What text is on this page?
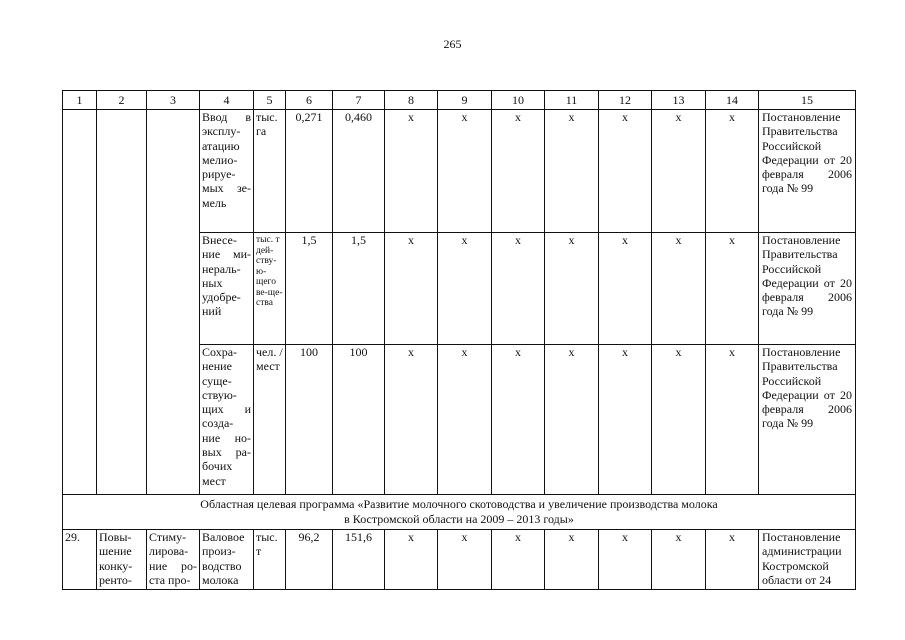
265
1	2	3	4	5	6	7	8	9	10	11	12	13	14	15
			Ввод в эксплу-атацию мелио-рируе-мых зе-мель	тыс. га	0,271	0,460	х	х	х	х	х	х	х	Постановление Правительства Российской Федерации от 20 февраля 2006 года № 99
			Внесе-ние ми-нераль-ных удобре-ний	тыс. т дей-ству-ю-щего ве-ще-ства	1,5	1,5	х	х	х	х	х	х	х	Постановление Правительства Российской Федерации от 20 февраля 2006 года № 99
			Сохра-нение суще-ствую-щих и созда-ние но-вых ра-бочих мест	чел. /мест	100	100	х	х	х	х	х	х	х	Постановление Правительства Российской Федерации от 20 февраля 2006 года № 99
Областная целевая программа «Развитие молочного скотоводства и увеличение производства молока
в Костромской области на 2009 – 2013 годы»														
29.	Повы-шение конку-ренто-	Стиму-лирова-ние ро-ста про-	Валовое произ-водство молока	тыс. т	96,2	151,6	х	х	х	х	х	х	х	Постановление администрации Костромской области от 24
